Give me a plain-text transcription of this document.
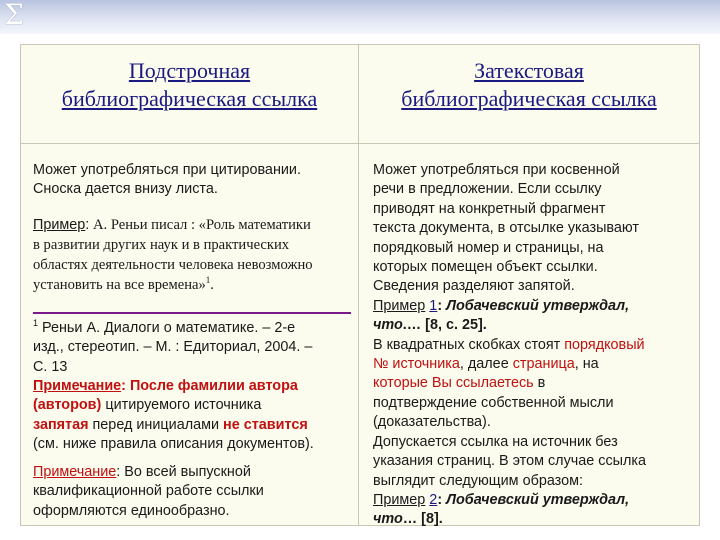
Σ
Подстрочная
библиографическая ссылка
Затекстовая
библиографическая ссылка
Может употребляться при цитировании.
Сноска дается внизу листа.
Пример: А. Реньи писал : «Роль математики
в развитии других наук и в практических
областях деятельности человека невозможно
установить на все времена»$^1$.
$^1$ Реньи А. Диалоги о математике. – 2-е
изд., стереотип. – М. : Едиториал, 2004. –
С. 13
Примечание: После фамилии автора
(авторов) цитируемого источника
запятая перед инициалами не ставится
(см. ниже правила описания документов).
Примечание: Во всей выпускной
квалификационной работе ссылки
оформляются единообразно.
Может употребляться при косвенной
речи в предложении. Если ссылку
приводят на конкретный фрагмент
текста документа, в отсылке указывают
порядковый номер и страницы, на
которых помещен объект ссылки.
Сведения разделяют запятой.
Пример 1: Лобачевский утверждал,
что.… [8, с. 25].
В квадратных скобках стоят порядковый
№ источника, далее страница, на
которые Вы ссылаетесь в
подтверждение собственной мысли
(доказательства).
Допускается ссылка на источник без
указания страниц. В этом случае ссылка
выглядит следующим образом:
Пример 2: Лобачевский утверждал,
что… [8].
